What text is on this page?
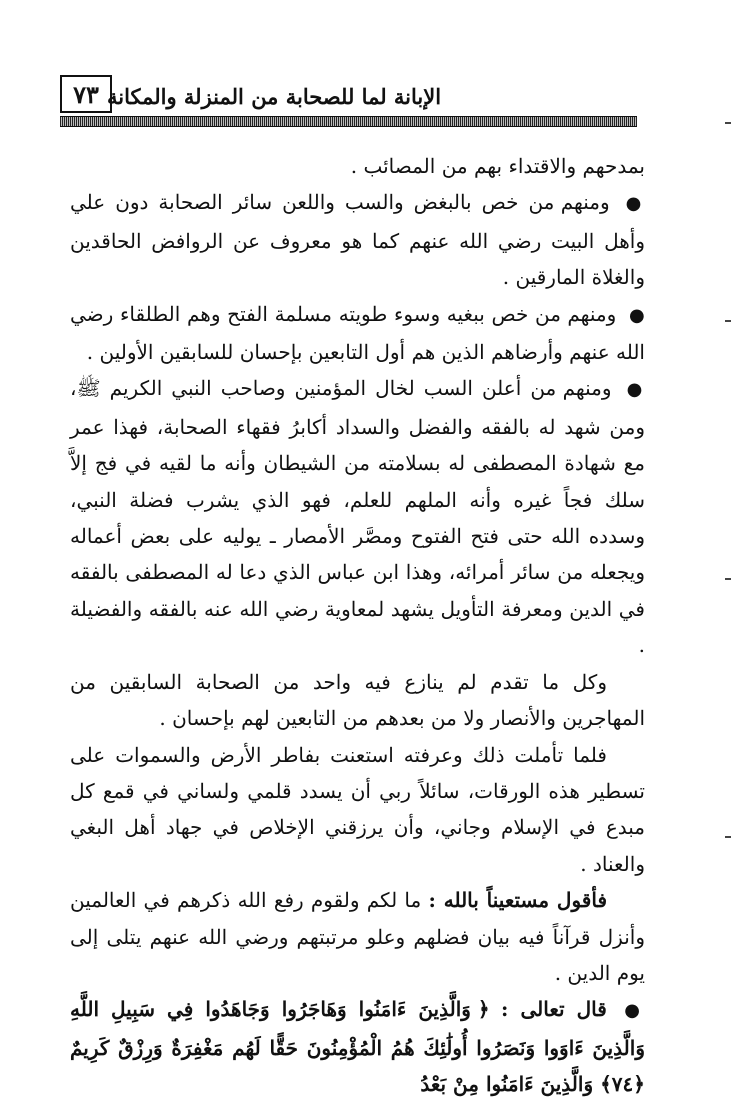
٧٣ الإبانة لما للصحابة من المنزلة والمكانة

بمدحهم والاقتداء بهم من المصائب .

● ومنهم من خص بالبغض والسب واللعن سائر الصحابة دون علي وأهل البيت رضي الله عنهم كما هو معروف عن الروافض الحاقدين والغلاة المارقين .

● ومنهم من خص ببغيه وسوء طويته مسلمة الفتح وهم الطلقاء رضي الله عنهم وأرضاهم الذين هم أول التابعين بإحسان للسابقين الأولين .

● ومنهم من أعلن السب لخال المؤمنين وصاحب النبي الكريم ﷺ، ومن شهد له بالفقه والفضل والسداد أكابرُ فقهاء الصحابة، فهذا عمر مع شهادة المصطفى له بسلامته من الشيطان وأنه ما لقيه في فج إلاَّ سلك فجاً غيره وأنه الملهم للعلم، فهو الذي يشرب فضلة النبي، وسدده الله حتى فتح الفتوح ومصَّر الأمصار ـ يوليه على بعض أعماله ويجعله من سائر أمرائه، وهذا ابن عباس الذي دعا له المصطفى بالفقه في الدين ومعرفة التأويل يشهد لمعاوية رضي الله عنه بالفقه والفضيلة .

وكل ما تقدم لم ينازع فيه واحد من الصحابة السابقين من المهاجرين والأنصار ولا من بعدهم من التابعين لهم بإحسان .

فلما تأملت ذلك وعرفته استعنت بفاطر الأرض والسموات على تسطير هذه الورقات، سائلاً ربي أن يسدد قلمي ولساني في قمع كل مبدع في الإسلام وجاني، وأن يرزقني الإخلاص في جهاد أهل البغي والعناد .

فأقول مستعيناً بالله : ما لكم ولقوم رفع الله ذكرهم في العالمين وأنزل قرآناً فيه بيان فضلهم وعلو مرتبتهم ورضي الله عنهم يتلى إلى يوم الدين .

● قال تعالى : ﴿ وَالَّذِينَ ءَامَنُوا وَهَاجَرُوا وَجَاهَدُوا فِي سَبِيلِ اللَّهِ وَالَّذِينَ ءَاوَوا وَنَصَرُوا أُولَٰئِكَ هُمُ الْمُؤْمِنُونَ حَقًّا لَهُم مَغْفِرَةٌ وَرِزْقٌ كَرِيمٌ ﴿٧٤﴾ وَالَّذِينَ ءَامَنُوا مِنْ بَعْدُ
